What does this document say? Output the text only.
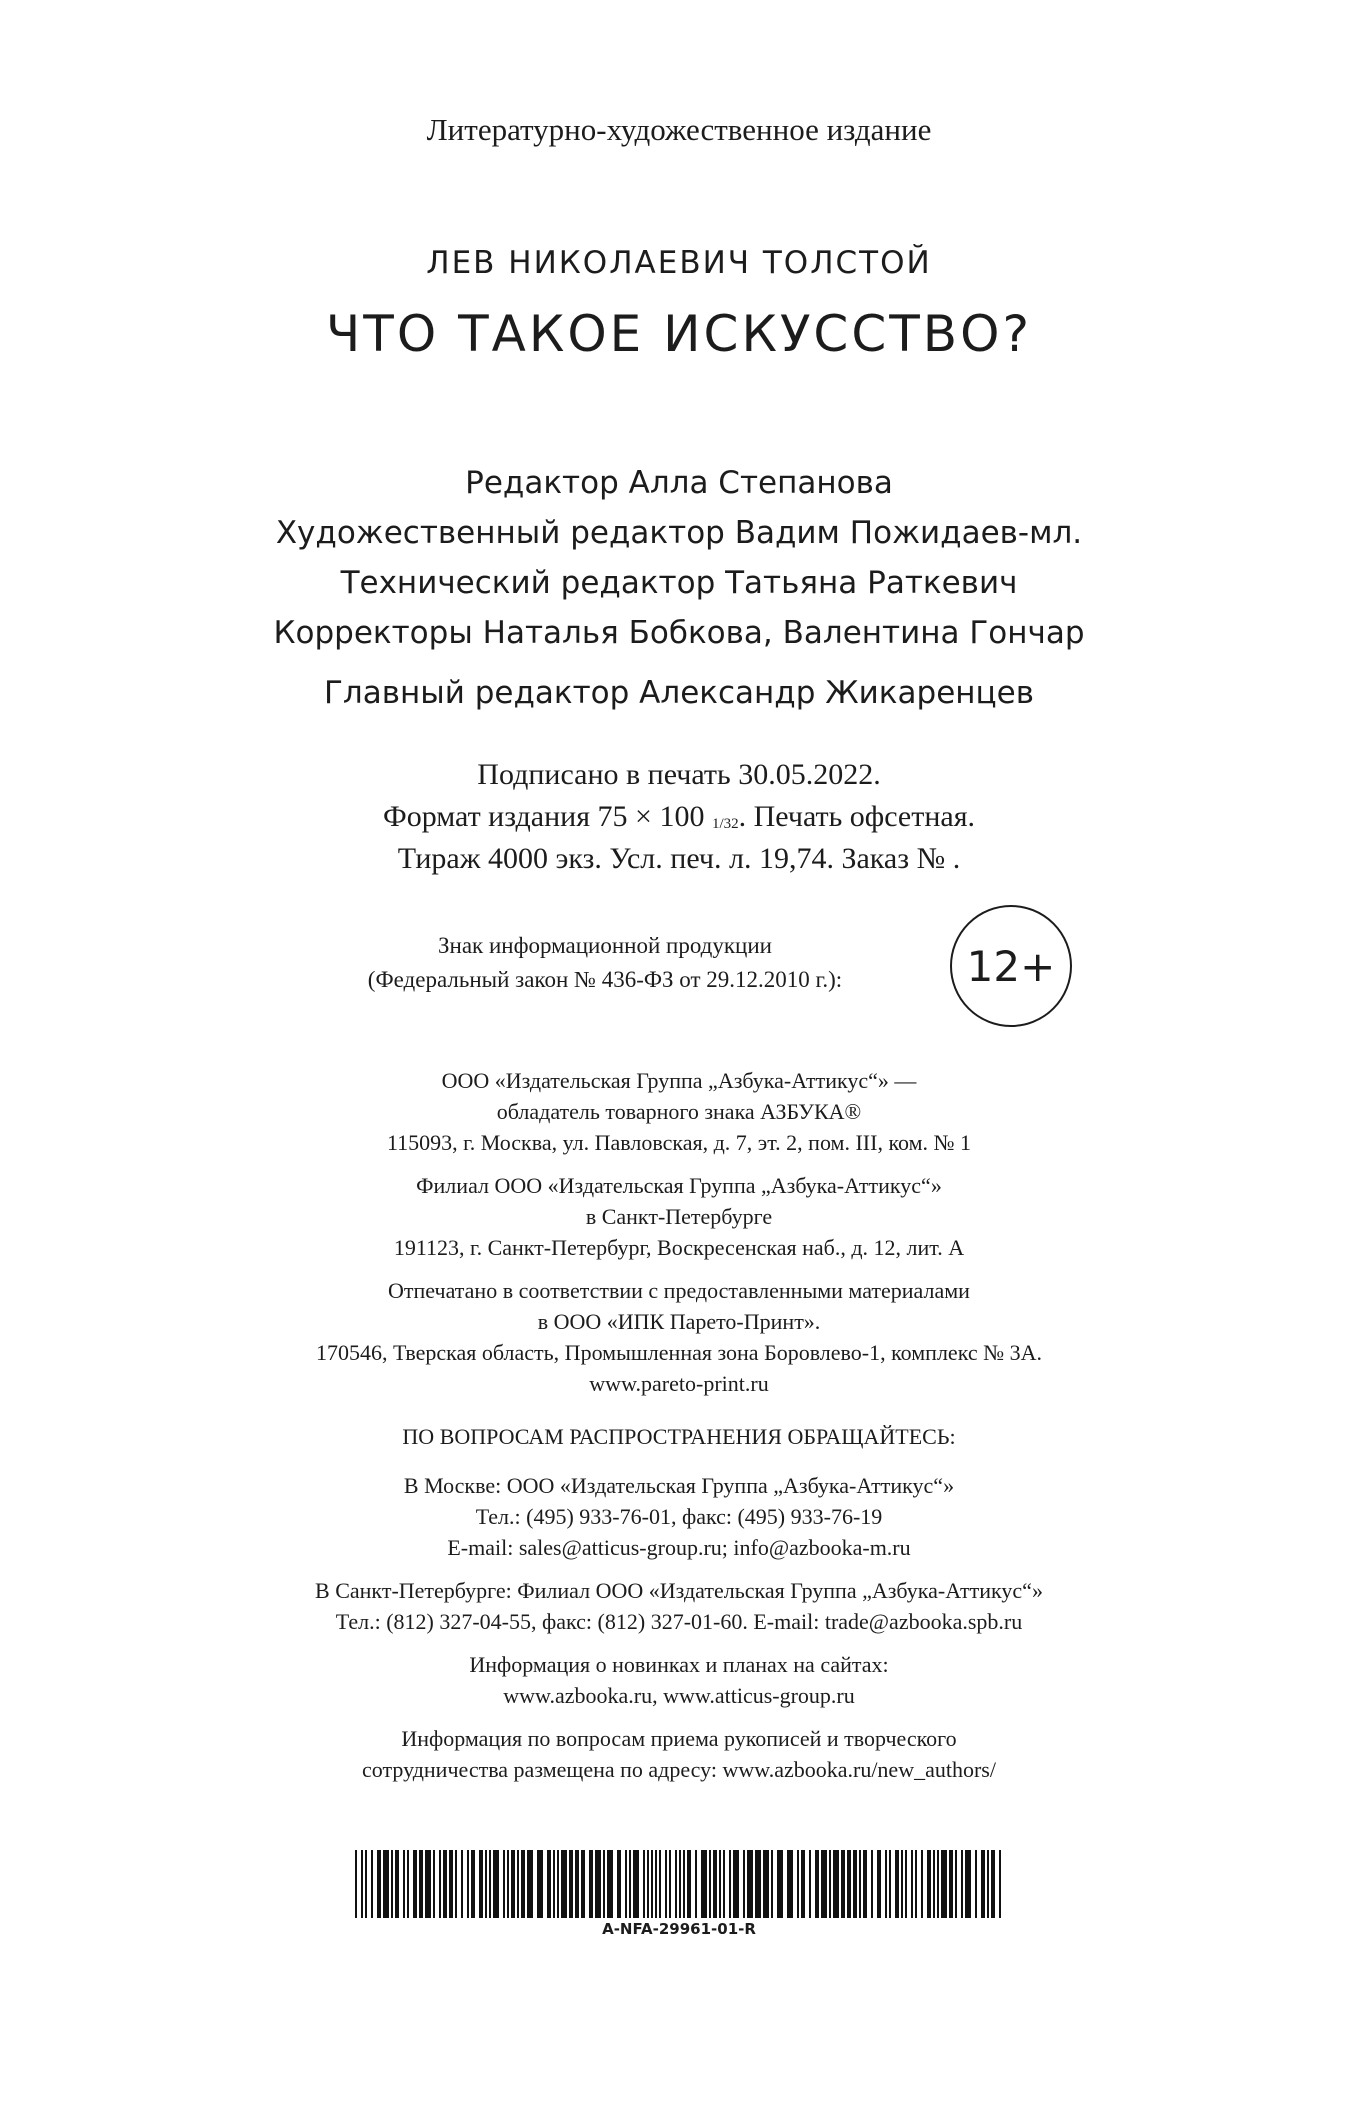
Литературно-художественное издание
ЛЕВ НИКОЛАЕВИЧ ТОЛСТОЙ
ЧТО ТАКОЕ ИСКУССТВО?
Редактор Алла Степанова
Художественный редактор Вадим Пожидаев-мл.
Технический редактор Татьяна Раткевич
Корректоры Наталья Бобкова, Валентина Гончар
Главный редактор Александр Жикаренцев
Подписано в печать 30.05.2022.
Формат издания 75 × 100 1/32. Печать офсетная.
Тираж 4000 экз. Усл. печ. л. 19,74. Заказ № .
Знак информационной продукции
(Федеральный закон № 436-ФЗ от 29.12.2010 г.):	12+
ООО «Издательская Группа „Азбука-Аттикус“» —
обладатель товарного знака АЗБУКА®
115093, г. Москва, ул. Павловская, д. 7, эт. 2, пом. III, ком. № 1
Филиал ООО «Издательская Группа „Азбука-Аттикус“»
в Санкт-Петербурге
191123, г. Санкт-Петербург, Воскресенская наб., д. 12, лит. А
Отпечатано в соответствии с предоставленными материалами
в ООО «ИПК Парето-Принт».
170546, Тверская область, Промышленная зона Боровлево-1, комплекс № 3А.
www.pareto-print.ru
ПО ВОПРОСАМ РАСПРОСТРАНЕНИЯ ОБРАЩАЙТЕСЬ:
В Москве: ООО «Издательская Группа „Азбука-Аттикус“»
Тел.: (495) 933-76-01, факс: (495) 933-76-19
E-mail: sales@atticus-group.ru; info@azbooka-m.ru
В Санкт-Петербурге: Филиал ООО «Издательская Группа „Азбука-Аттикус“»
Тел.: (812) 327-04-55, факс: (812) 327-01-60. E-mail: trade@azbooka.spb.ru
Информация о новинках и планах на сайтах:
www.azbooka.ru, www.atticus-group.ru
Информация по вопросам приема рукописей и творческого
сотрудничества размещена по адресу: www.azbooka.ru/new_authors/
A-NFA-29961-01-R
